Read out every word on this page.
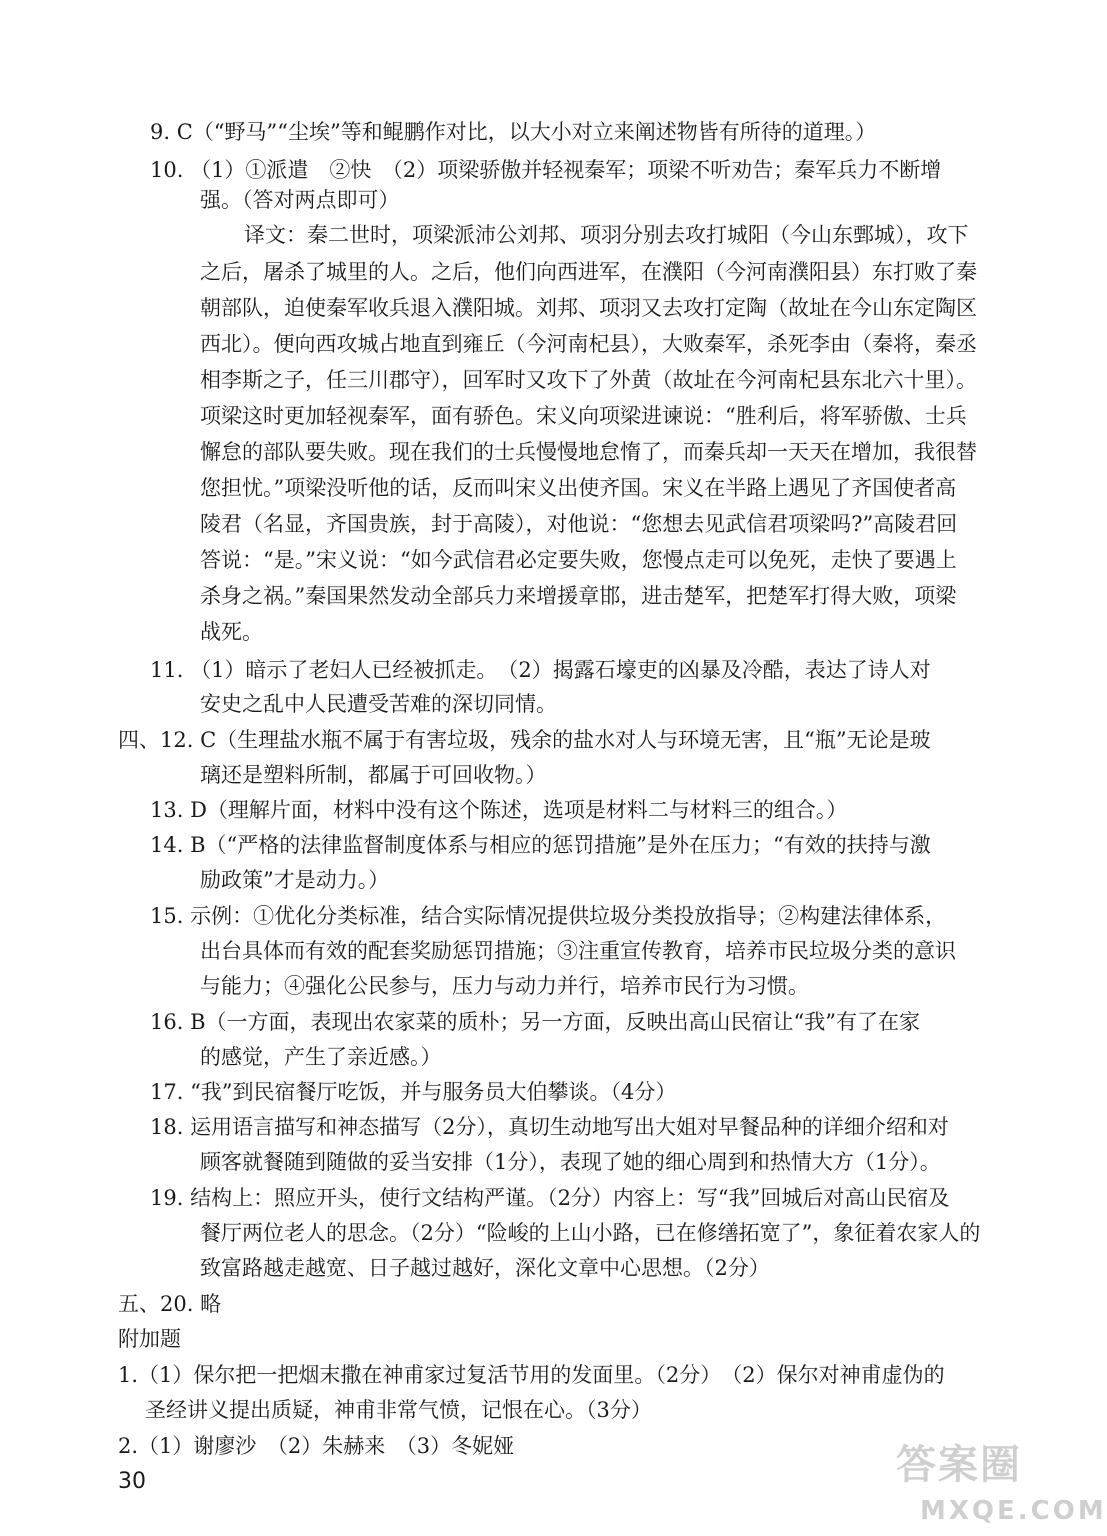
9. C（“野马”“尘埃”等和鲲鹏作对比，以大小对立来阐述物皆有所待的道理。）
10. （1）①派遣　②快　（2）项梁骄傲并轻视秦军；项梁不听劝告；秦军兵力不断增
强。（答对两点即可）
译文：秦二世时，项梁派沛公刘邦、项羽分别去攻打城阳（今山东鄄城），攻下
之后，屠杀了城里的人。之后，他们向西进军，在濮阳（今河南濮阳县）东打败了秦
朝部队，迫使秦军收兵退入濮阳城。刘邦、项羽又去攻打定陶（故址在今山东定陶区
西北）。便向西攻城占地直到雍丘（今河南杞县），大败秦军，杀死李由（秦将，秦丞
相李斯之子，任三川郡守），回军时又攻下了外黄（故址在今河南杞县东北六十里）。
项梁这时更加轻视秦军，面有骄色。宋义向项梁进谏说：“胜利后，将军骄傲、士兵
懈怠的部队要失败。现在我们的士兵慢慢地怠惰了，而秦兵却一天天在增加，我很替
您担忧。”项梁没听他的话，反而叫宋义出使齐国。宋义在半路上遇见了齐国使者高
陵君（名显，齐国贵族，封于高陵），对他说：“您想去见武信君项梁吗?”高陵君回
答说：“是。”宋义说：“如今武信君必定要失败，您慢点走可以免死，走快了要遇上
杀身之祸。”秦国果然发动全部兵力来增援章邯，进击楚军，把楚军打得大败，项梁
战死。
11. （1）暗示了老妇人已经被抓走。　（2）揭露石壕吏的凶暴及冷酷，表达了诗人对
安史之乱中人民遭受苦难的深切同情。
四、12. C（生理盐水瓶不属于有害垃圾，残余的盐水对人与环境无害，且“瓶”无论是玻
璃还是塑料所制，都属于可回收物。）
13. D（理解片面，材料中没有这个陈述，选项是材料二与材料三的组合。）
14. B（“严格的法律监督制度体系与相应的惩罚措施”是外在压力；“有效的扶持与激
励政策”才是动力。）
15. 示例：①优化分类标准，结合实际情况提供垃圾分类投放指导；②构建法律体系，
出台具体而有效的配套奖励惩罚措施；③注重宣传教育，培养市民垃圾分类的意识
与能力；④强化公民参与，压力与动力并行，培养市民行为习惯。
16. B（一方面，表现出农家菜的质朴；另一方面，反映出高山民宿让“我”有了在家
的感觉，产生了亲近感。）
17. “我”到民宿餐厅吃饭，并与服务员大伯攀谈。（4分）
18. 运用语言描写和神态描写（2分），真切生动地写出大姐对早餐品种的详细介绍和对
顾客就餐随到随做的妥当安排（1分），表现了她的细心周到和热情大方（1分）。
19. 结构上：照应开头，使行文结构严谨。（2分）内容上：写“我”回城后对高山民宿及
餐厅两位老人的思念。（2分）“险峻的上山小路，已在修缮拓宽了”，象征着农家人的
致富路越走越宽、日子越过越好，深化文章中心思想。（2分）
五、20. 略
附加题
1.（1）保尔把一把烟末撒在神甫家过复活节用的发面里。（2分）　（2）保尔对神甫虚伪的
圣经讲义提出质疑，神甫非常气愤，记恨在心。（3分）
2.（1）谢廖沙　（2）朱赫来　（3）冬妮娅
30	答案圈
MXQE.COM
